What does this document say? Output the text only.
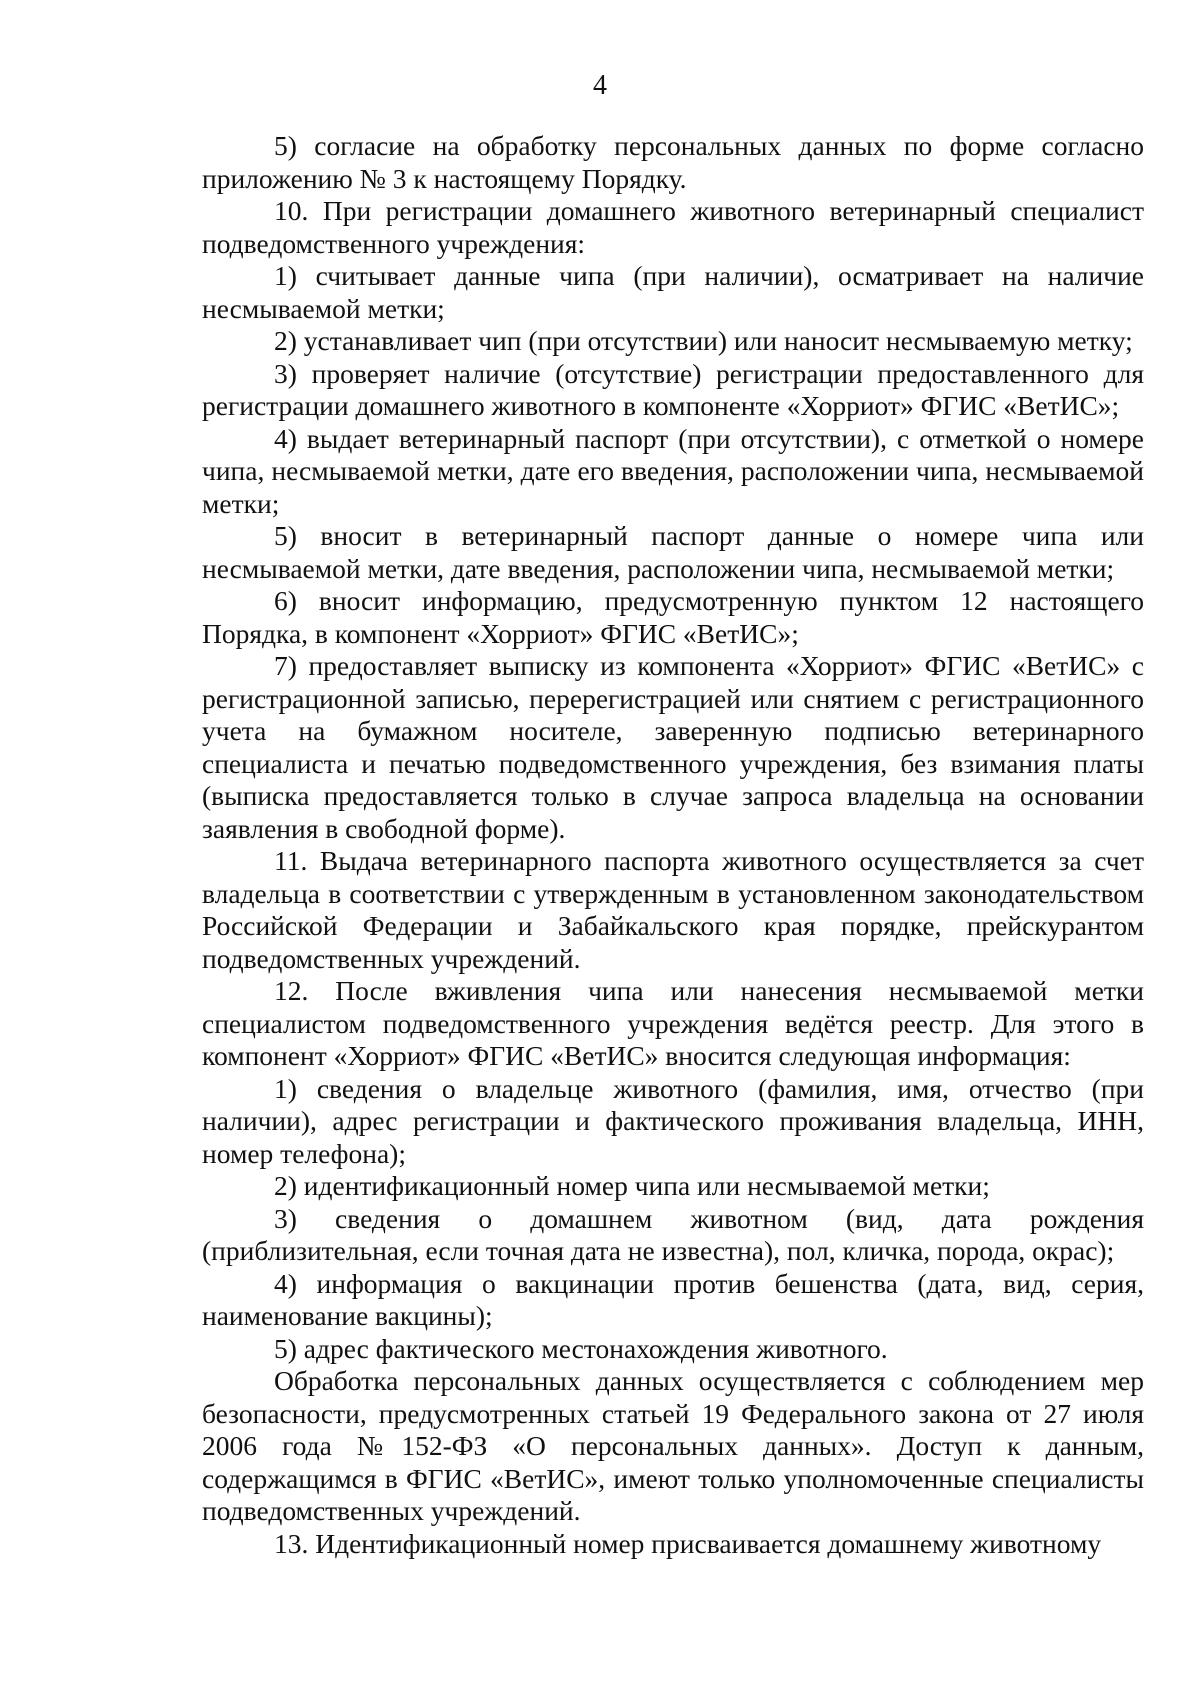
4

5) согласие на обработку персональных данных по форме согласно приложению № 3 к настоящему Порядку.

10. При регистрации домашнего животного ветеринарный специалист подведомственного учреждения:

1) считывает данные чипа (при наличии), осматривает на наличие несмываемой метки;

2) устанавливает чип (при отсутствии) или наносит несмываемую метку;

3) проверяет наличие (отсутствие) регистрации предоставленного для регистрации домашнего животного в компоненте «Хорриот» ФГИС «ВетИС»;

4) выдает ветеринарный паспорт (при отсутствии), с отметкой о номере чипа, несмываемой метки, дате его введения, расположении чипа, несмываемой метки;

5) вносит в ветеринарный паспорт данные о номере чипа или несмываемой метки, дате введения, расположении чипа, несмываемой метки;

6) вносит информацию, предусмотренную пунктом 12 настоящего Порядка, в компонент «Хорриот» ФГИС «ВетИС»;

7) предоставляет выписку из компонента «Хорриот» ФГИС «ВетИС» с регистрационной записью, перерегистрацией или снятием с регистрационного учета на бумажном носителе, заверенную подписью ветеринарного специалиста и печатью подведомственного учреждения, без взимания платы (выписка предоставляется только в случае запроса владельца на основании заявления в свободной форме).

11. Выдача ветеринарного паспорта животного осуществляется за счет владельца в соответствии с утвержденным в установленном законодательством Российской Федерации и Забайкальского края порядке, прейскурантом подведомственных учреждений.

12. После вживления чипа или нанесения несмываемой метки специалистом подведомственного учреждения ведётся реестр. Для этого в компонент «Хорриот» ФГИС «ВетИС» вносится следующая информация:

1) сведения о владельце животного (фамилия, имя, отчество (при наличии), адрес регистрации и фактического проживания владельца, ИНН, номер телефона);

2) идентификационный номер чипа или несмываемой метки;

3) сведения о домашнем животном (вид, дата рождения (приблизительная, если точная дата не известна), пол, кличка, порода, окрас);

4) информация о вакцинации против бешенства (дата, вид, серия, наименование вакцины);

5) адрес фактического местонахождения животного.

Обработка персональных данных осуществляется с соблюдением мер безопасности, предусмотренных статьей 19 Федерального закона от 27 июля 2006 года №152-ФЗ «О персональных данных». Доступ к данным, содержащимся в ФГИС «ВетИС», имеют только уполномоченные специалисты подведомственных учреждений.

13. Идентификационный номер присваивается домашнему животному
